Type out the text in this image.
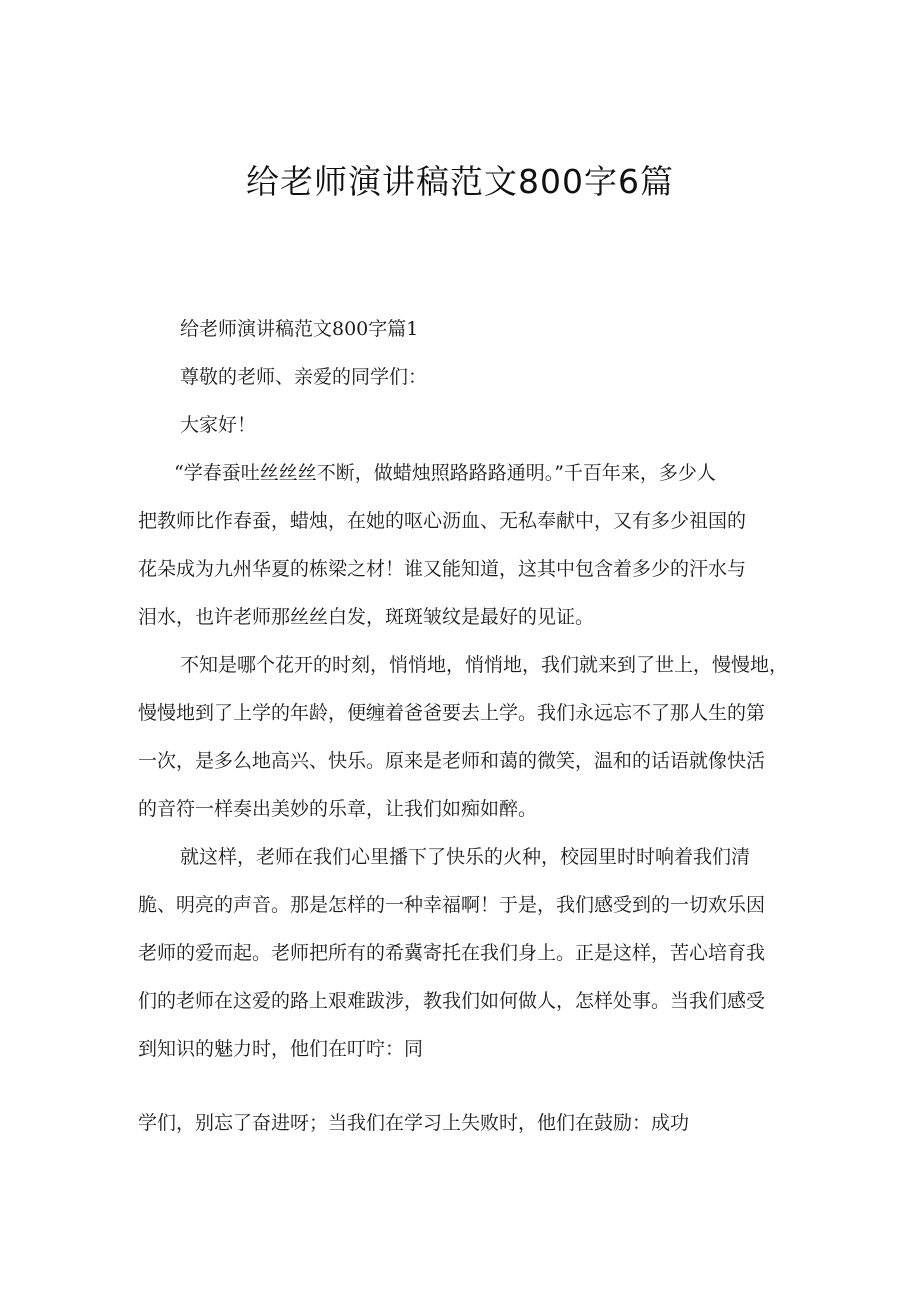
给老师演讲稿范文800字6篇
给老师演讲稿范文800字篇1
尊敬的老师、亲爱的同学们：
大家好！
“学春蚕吐丝丝丝不断，做蜡烛照路路路通明。”千百年来，多少人
把教师比作春蚕，蜡烛，在她的呕心沥血、无私奉献中，又有多少祖国的
花朵成为九州华夏的栋梁之材！谁又能知道，这其中包含着多少的汗水与
泪水，也许老师那丝丝白发，斑斑皱纹是最好的见证。
不知是哪个花开的时刻，悄悄地，悄悄地，我们就来到了世上，慢慢地，
慢慢地到了上学的年龄，便缠着爸爸要去上学。我们永远忘不了那人生的第
一次，是多么地高兴、快乐。原来是老师和蔼的微笑，温和的话语就像快活
的音符一样奏出美妙的乐章，让我们如痴如醉。
就这样，老师在我们心里播下了快乐的火种，校园里时时响着我们清
脆、明亮的声音。那是怎样的一种幸福啊！于是，我们感受到的一切欢乐因
老师的爱而起。老师把所有的希冀寄托在我们身上。正是这样，苦心培育我
们的老师在这爱的路上艰难跋涉，教我们如何做人，怎样处事。当我们感受
到知识的魅力时，他们在叮咛：同
学们，别忘了奋进呀；当我们在学习上失败时，他们在鼓励：成功
